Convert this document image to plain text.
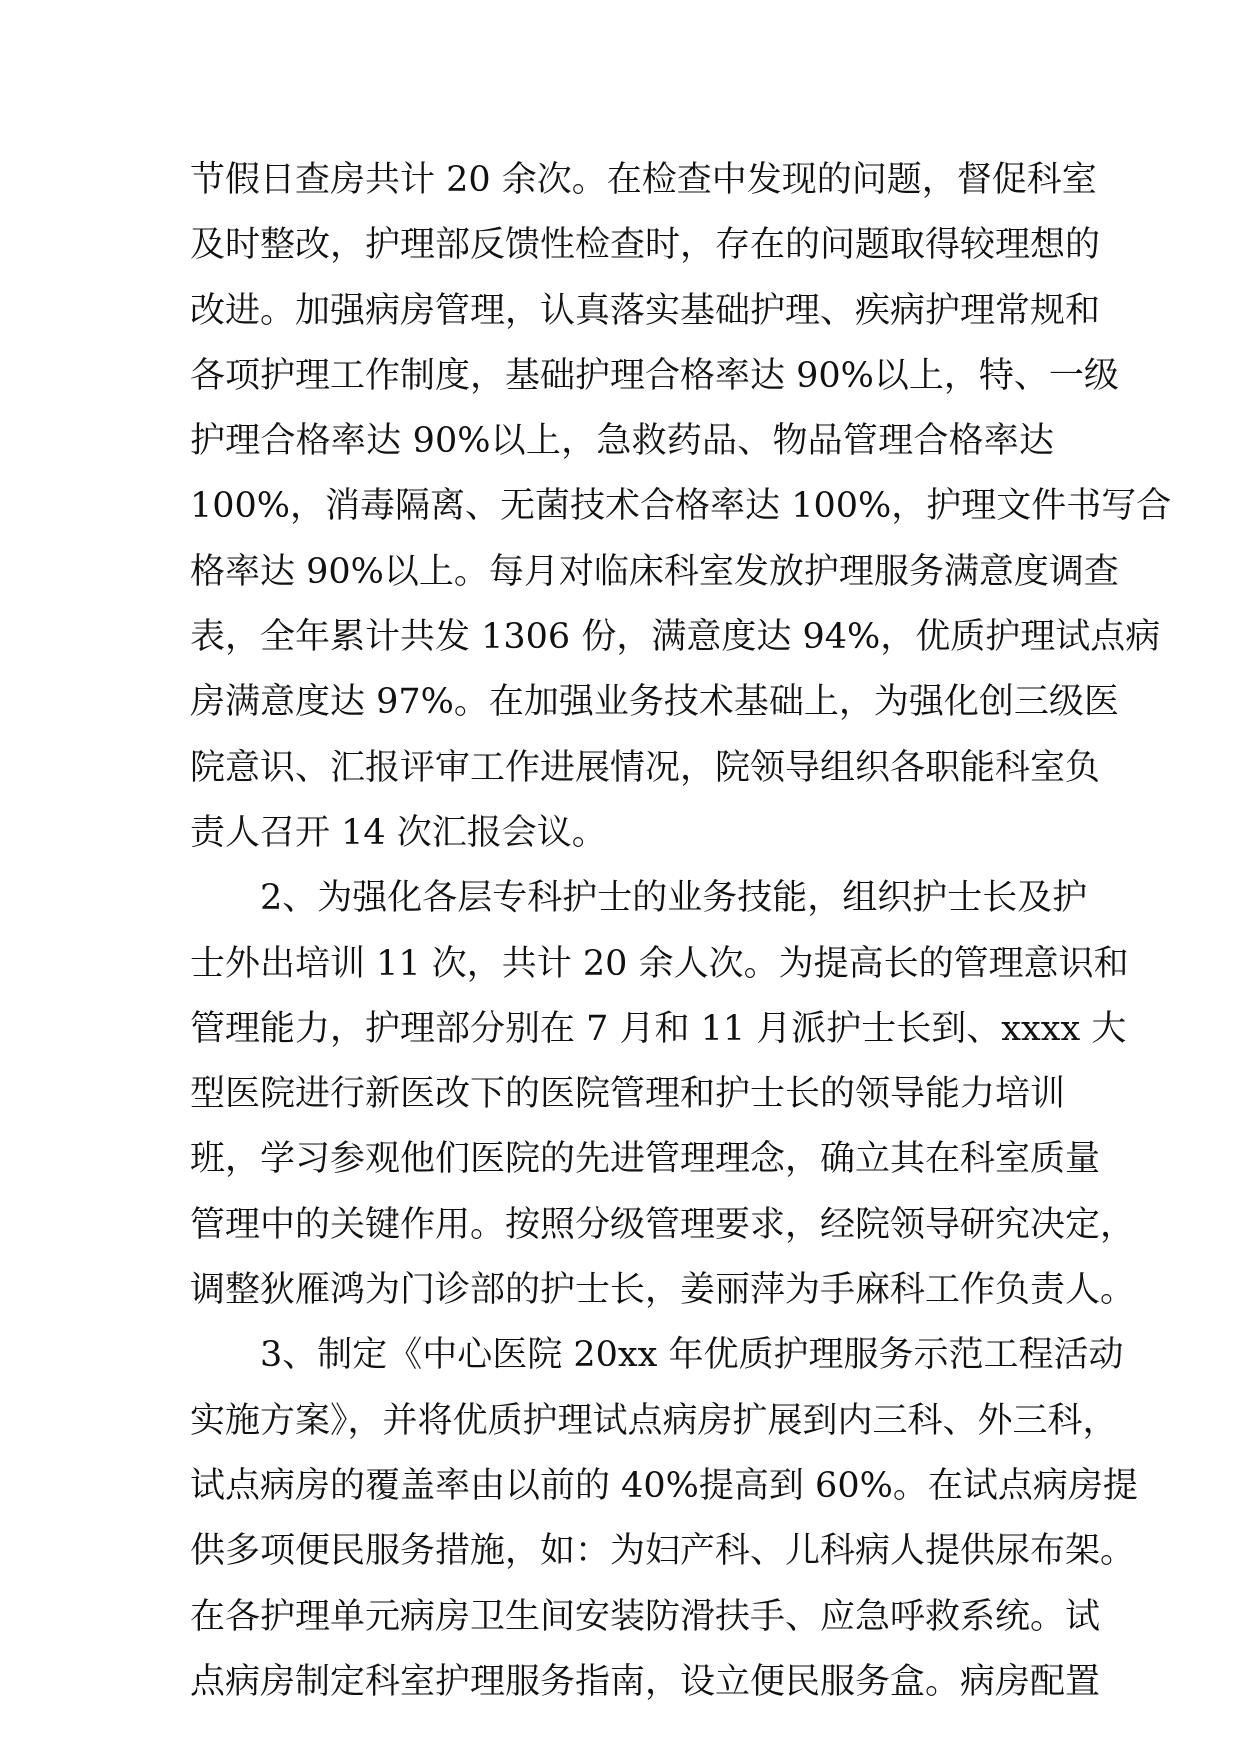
节假日查房共计 20 余次。在检查中发现的问题，督促科室
及时整改，护理部反馈性检查时，存在的问题取得较理想的
改进。加强病房管理，认真落实基础护理、疾病护理常规和
各项护理工作制度，基础护理合格率达 90%以上，特、一级
护理合格率达 90%以上，急救药品、物品管理合格率达
100%，消毒隔离、无菌技术合格率达 100%，护理文件书写合
格率达 90%以上。每月对临床科室发放护理服务满意度调查
表，全年累计共发 1306 份，满意度达 94%，优质护理试点病
房满意度达 97%。在加强业务技术基础上，为强化创三级医
院意识、汇报评审工作进展情况，院领导组织各职能科室负
责人召开 14 次汇报会议。
2、为强化各层专科护士的业务技能，组织护士长及护
士外出培训 11 次，共计 20 余人次。为提高长的管理意识和
管理能力，护理部分别在 7 月和 11 月派护士长到、xxxx 大
型医院进行新医改下的医院管理和护士长的领导能力培训
班，学习参观他们医院的先进管理理念，确立其在科室质量
管理中的关键作用。按照分级管理要求，经院领导研究决定，
调整狄雁鸿为门诊部的护士长，姜丽萍为手麻科工作负责人。
3、制定《中心医院 20xx 年优质护理服务示范工程活动
实施方案》，并将优质护理试点病房扩展到内三科、外三科，
试点病房的覆盖率由以前的 40%提高到 60%。在试点病房提
供多项便民服务措施，如：为妇产科、儿科病人提供尿布架。
在各护理单元病房卫生间安装防滑扶手、应急呼救系统。试
点病房制定科室护理服务指南，设立便民服务盒。病房配置
